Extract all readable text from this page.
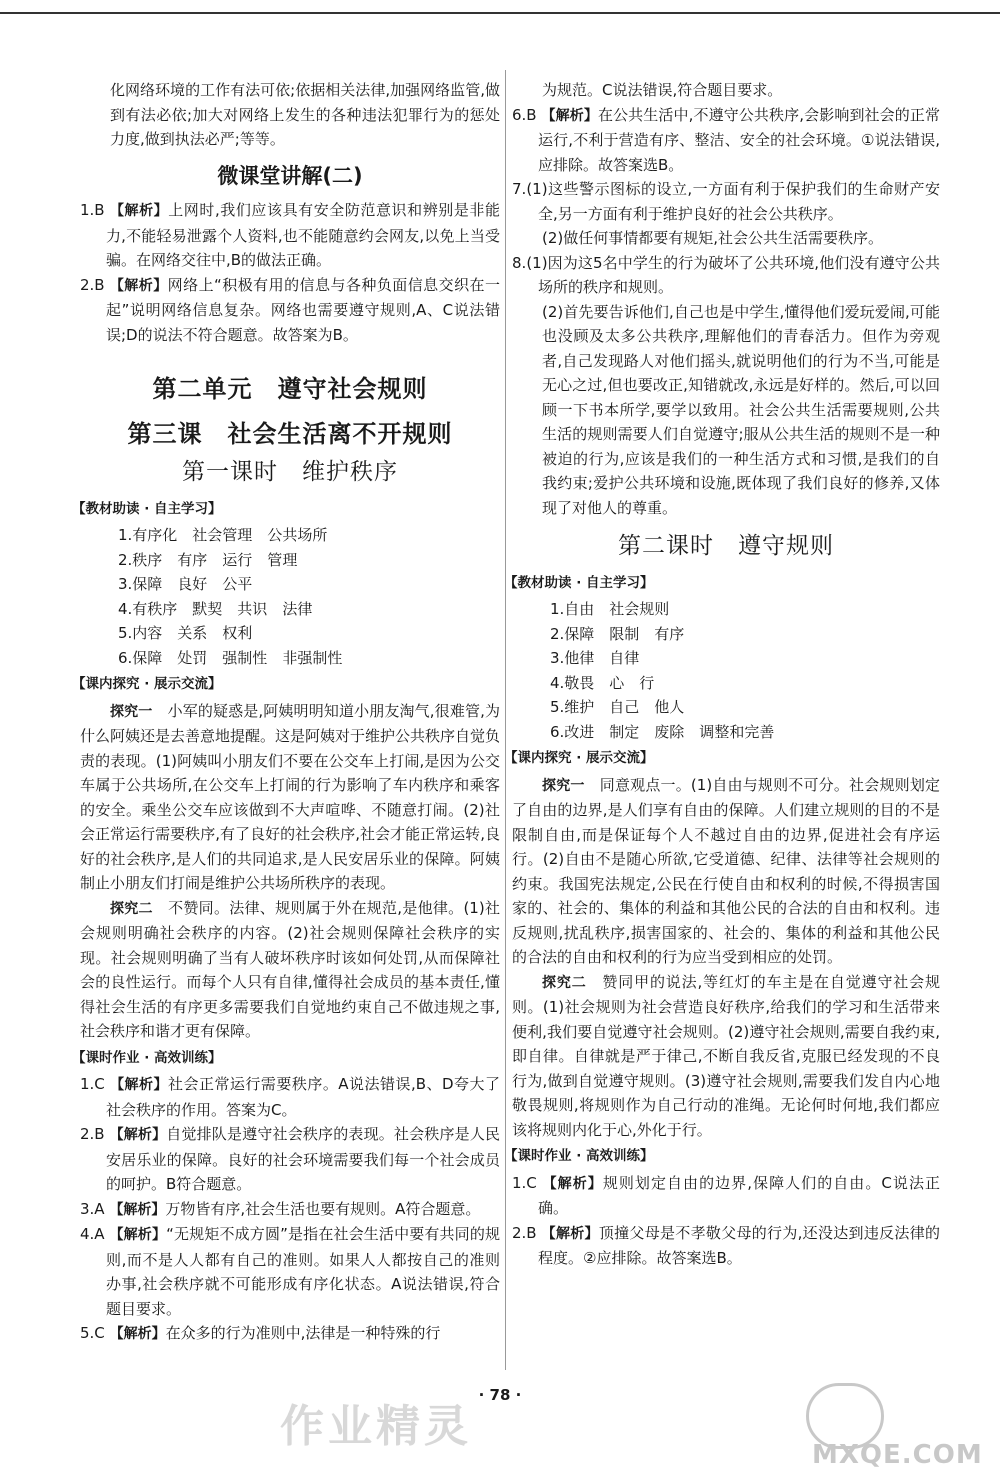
化网络环境的工作有法可依;依据相关法律,加强网络监管,做到有法必依;加大对网络上发生的各种违法犯罪行为的惩处力度,做到执法必严;等等。

微课堂讲解(二)

1.B 【解析】上网时,我们应该具有安全防范意识和辨别是非能力,不能轻易泄露个人资料,也不能随意约会网友,以免上当受骗。在网络交往中,B的做法正确。

2.B 【解析】网络上“积极有用的信息与各种负面信息交织在一起”说明网络信息复杂。网络也需要遵守规则,A、C说法错误;D的说法不符合题意。故答案为B。

第二单元　遵守社会规则
第三课　社会生活离不开规则
第一课时　维护秩序
【教材助读 · 自主学习】

1.有序化　社会管理　公共场所

2.秩序　有序　运行　管理

3.保障　良好　公平

4.有秩序　默契　共识　法律

5.内容　关系　权利

6.保障　处罚　强制性　非强制性

【课内探究 · 展示交流】

探究一　 小军的疑惑是,阿姨明明知道小朋友淘气,很难管,为什么阿姨还是去善意地提醒。这是阿姨对于维护公共秩序自觉负责的表现。(1)阿姨叫小朋友们不要在公交车上打闹,是因为公交车属于公共场所,在公交车上打闹的行为影响了车内秩序和乘客的安全。乘坐公交车应该做到不大声喧哗、不随意打闹。(2)社会正常运行需要秩序,有了良好的社会秩序,社会才能正常运转,良好的社会秩序,是人们的共同追求,是人民安居乐业的保障。阿姨制止小朋友们打闹是维护公共场所秩序的表现。

探究二　 不赞同。法律、规则属于外在规范,是他律。(1)社会规则明确社会秩序的内容。(2)社会规则保障社会秩序的实现。社会规则明确了当有人破坏秩序时该如何处罚,从而保障社会的良性运行。而每个人只有自律,懂得社会成员的基本责任,懂得社会生活的有序更多需要我们自觉地约束自己不做违规之事,社会秩序和谐才更有保障。

【课时作业 · 高效训练】

1.C 【解析】社会正常运行需要秩序。A说法错误,B、D夸大了社会秩序的作用。答案为C。

2.B 【解析】自觉排队是遵守社会秩序的表现。社会秩序是人民安居乐业的保障。良好的社会环境需要我们每一个社会成员的呵护。B符合题意。

3.A 【解析】万物皆有序,社会生活也要有规则。A符合题意。

4.A 【解析】“无规矩不成方圆”是指在社会生活中要有共同的规则,而不是人人都有自己的准则。如果人人都按自己的准则办事,社会秩序就不可能形成有序化状态。A说法错误,符合题目要求。

5.C 【解析】在众多的行为准则中,法律是一种特殊的行

为规范。C说法错误,符合题目要求。

6.B 【解析】在公共生活中,不遵守公共秩序,会影响到社会的正常运行,不利于营造有序、整洁、安全的社会环境。①说法错误,应排除。故答案选B。

7.(1)这些警示图标的设立,一方面有利于保护我们的生命财产安全,另一方面有利于维护良好的社会公共秩序。

(2)做任何事情都要有规矩,社会公共生活需要秩序。

8.(1)因为这5名中学生的行为破坏了公共环境,他们没有遵守公共场所的秩序和规则。

(2)首先要告诉他们,自己也是中学生,懂得他们爱玩爱闹,可能也没顾及太多公共秩序,理解他们的青春活力。但作为旁观者,自己发现路人对他们摇头,就说明他们的行为不当,可能是无心之过,但也要改正,知错就改,永远是好样的。然后,可以回顾一下书本所学,要学以致用。社会公共生活需要规则,公共生活的规则需要人们自觉遵守;服从公共生活的规则不是一种被迫的行为,应该是我们的一种生活方式和习惯,是我们的自我约束;爱护公共环境和设施,既体现了我们良好的修养,又体现了对他人的尊重。

第二课时　遵守规则
【教材助读 · 自主学习】

1.自由　社会规则

2.保障　限制　有序

3.他律　自律

4.敬畏　心　行

5.维护　自己　他人

6.改进　制定　废除　调整和完善

【课内探究 · 展示交流】

探究一　 同意观点一。(1)自由与规则不可分。社会规则划定了自由的边界,是人们享有自由的保障。人们建立规则的目的不是限制自由,而是保证每个人不越过自由的边界,促进社会有序运行。(2)自由不是随心所欲,它受道德、纪律、法律等社会规则的约束。我国宪法规定,公民在行使自由和权利的时候,不得损害国家的、社会的、集体的利益和其他公民的合法的自由和权利。违反规则,扰乱秩序,损害国家的、社会的、集体的利益和其他公民的合法的自由和权利的行为应当受到相应的处罚。

探究二　 赞同甲的说法,等红灯的车主是在自觉遵守社会规则。(1)社会规则为社会营造良好秩序,给我们的学习和生活带来便利,我们要自觉遵守社会规则。(2)遵守社会规则,需要自我约束,即自律。自律就是严于律己,不断自我反省,克服已经发现的不良行为,做到自觉遵守规则。(3)遵守社会规则,需要我们发自内心地敬畏规则,将规则作为自己行动的准绳。无论何时何地,我们都应该将规则内化于心,外化于行。

【课时作业 · 高效训练】

1.C 【解析】规则划定自由的边界,保障人们的自由。C说法正确。

2.B 【解析】顶撞父母是不孝敬父母的行为,还没达到违反法律的程度。②应排除。故答案选B。

· 78 ·
作业精灵
MXQE.COM
